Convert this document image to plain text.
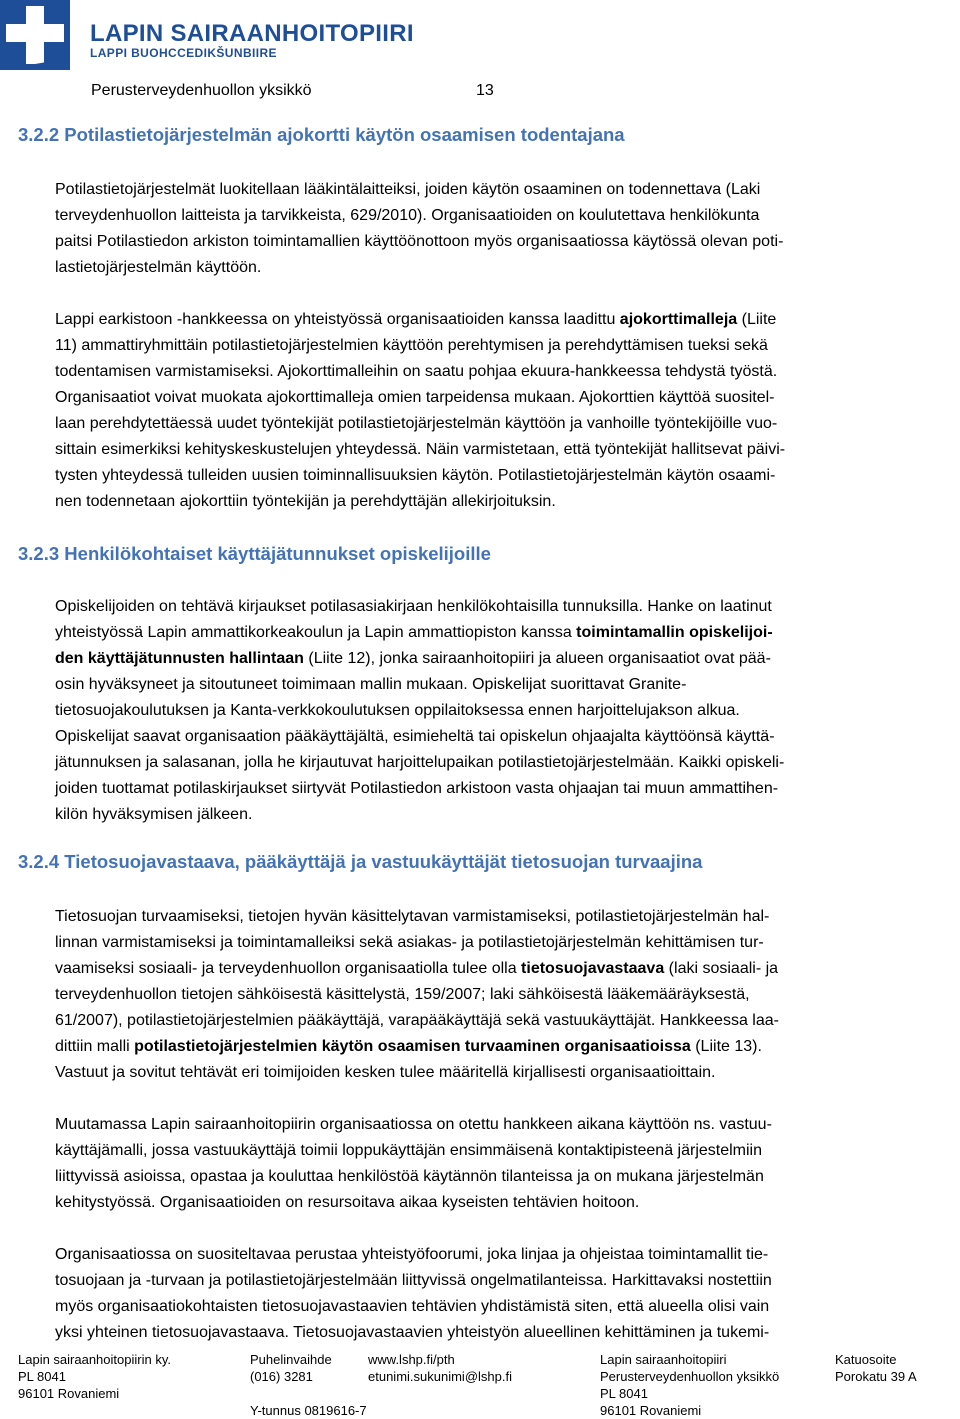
LAPIN SAIRAANHOITOPIIRI
LAPPI BUOHCCEDIKŠUNBIIRE
Perusterveydenhuollon yksikkö	13
3.2.2 Potilastietojärjestelmän ajokortti käytön osaamisen todentajana

Potilastietojärjestelmät luokitellaan lääkintälaitteiksi, joiden käytön osaaminen on todennettava (Laki
terveydenhuollon laitteista ja tarvikkeista, 629/2010). Organisaatioiden on koulutettava henkilökunta
paitsi Potilastiedon arkiston toimintamallien käyttöönottoon myös organisaatiossa käytössä olevan poti-
lastietojärjestelmän käyttöön.

Lappi earkistoon -hankkeessa on yhteistyössä organisaatioiden kanssa laadittu ajokorttimalleja (Liite
11) ammattiryhmittäin potilastietojärjestelmien käyttöön perehtymisen ja perehdyttämisen tueksi sekä
todentamisen varmistamiseksi. Ajokorttimalleihin on saatu pohjaa ekuura-hankkeessa tehdystä työstä.
Organisaatiot voivat muokata ajokorttimalleja omien tarpeidensa mukaan. Ajokorttien käyttöä suositel-
laan perehdytettäessä uudet työntekijät potilastietojärjestelmän käyttöön ja vanhoille työntekijöille vuo-
sittain esimerkiksi kehityskeskustelujen yhteydessä. Näin varmistetaan, että työntekijät hallitsevat päivi-
tysten yhteydessä tulleiden uusien toiminnallisuuksien käytön. Potilastietojärjestelmän käytön osaami-
nen todennetaan ajokorttiin työntekijän ja perehdyttäjän allekirjoituksin.

3.2.3 Henkilökohtaiset käyttäjätunnukset opiskelijoille

Opiskelijoiden on tehtävä kirjaukset potilasasiakirjaan henkilökohtaisilla tunnuksilla. Hanke on laatinut
yhteistyössä Lapin ammattikorkeakoulun ja Lapin ammattiopiston kanssa toimintamallin opiskelijoi-
den käyttäjätunnusten hallintaan (Liite 12), jonka sairaanhoitopiiri ja alueen organisaatiot ovat pää-
osin hyväksyneet ja sitoutuneet toimimaan mallin mukaan. Opiskelijat suorittavat Granite-
tietosuojakoulutuksen ja Kanta-verkkokoulutuksen oppilaitoksessa ennen harjoittelujakson alkua.
Opiskelijat saavat organisaation pääkäyttäjältä, esimieheltä tai opiskelun ohjaajalta käyttöönsä käyttä-
jätunnuksen ja salasanan, jolla he kirjautuvat harjoittelupaikan potilastietojärjestelmään. Kaikki opiskeli-
joiden tuottamat potilaskirjaukset siirtyvät Potilastiedon arkistoon vasta ohjaajan tai muun ammattihen-
kilön hyväksymisen jälkeen.

3.2.4 Tietosuojavastaava, pääkäyttäjä ja vastuukäyttäjät tietosuojan turvaajina

Tietosuojan turvaamiseksi, tietojen hyvän käsittelytavan varmistamiseksi, potilastietojärjestelmän hal-
linnan varmistamiseksi ja toimintamalleiksi sekä asiakas- ja potilastietojärjestelmän kehittämisen tur-
vaamiseksi sosiaali- ja terveydenhuollon organisaatiolla tulee olla tietosuojavastaava (laki sosiaali- ja
terveydenhuollon tietojen sähköisestä käsittelystä, 159/2007; laki sähköisestä lääkemääräyksestä,
61/2007), potilastietojärjestelmien pääkäyttäjä, varapääkäyttäjä sekä vastuukäyttäjät. Hankkeessa laa-
dittiin malli potilastietojärjestelmien käytön osaamisen turvaaminen organisaatioissa (Liite 13).
Vastuut ja sovitut tehtävät eri toimijoiden kesken tulee määritellä kirjallisesti organisaatioittain.

Muutamassa Lapin sairaanhoitopiirin organisaatiossa on otettu hankkeen aikana käyttöön ns. vastuu-
käyttäjämalli, jossa vastuukäyttäjä toimii loppukäyttäjän ensimmäisenä kontaktipisteenä järjestelmiin
liittyvissä asioissa, opastaa ja kouluttaa henkilöstöä käytännön tilanteissa ja on mukana järjestelmän
kehitystyössä. Organisaatioiden on resursoitava aikaa kyseisten tehtävien hoitoon.

Organisaatiossa on suositeltavaa perustaa yhteistyöfoorumi, joka linjaa ja ohjeistaa toimintamallit tie-
tosuojaan ja -turvaan ja potilastietojärjestelmään liittyvissä ongelmatilanteissa. Harkittavaksi nostettiin
myös organisaatiokohtaisten tietosuojavastaavien tehtävien yhdistämistä siten, että alueella olisi vain
yksi yhteinen tietosuojavastaava. Tietosuojavastaavien yhteistyön alueellinen kehittäminen ja tukemi-

Lapin sairaanhoitopiirin ky.
PL 8041
96101 Rovaniemi
Puhelinvaihde
(016) 3281

Y-tunnus 0819616-7
www.lshp.fi/pth
etunimi.sukunimi@lshp.fi
Lapin sairaanhoitopiiri
Perusterveydenhuollon yksikkö
PL 8041
96101 Rovaniemi
Katuosoite
Porokatu 39 A
